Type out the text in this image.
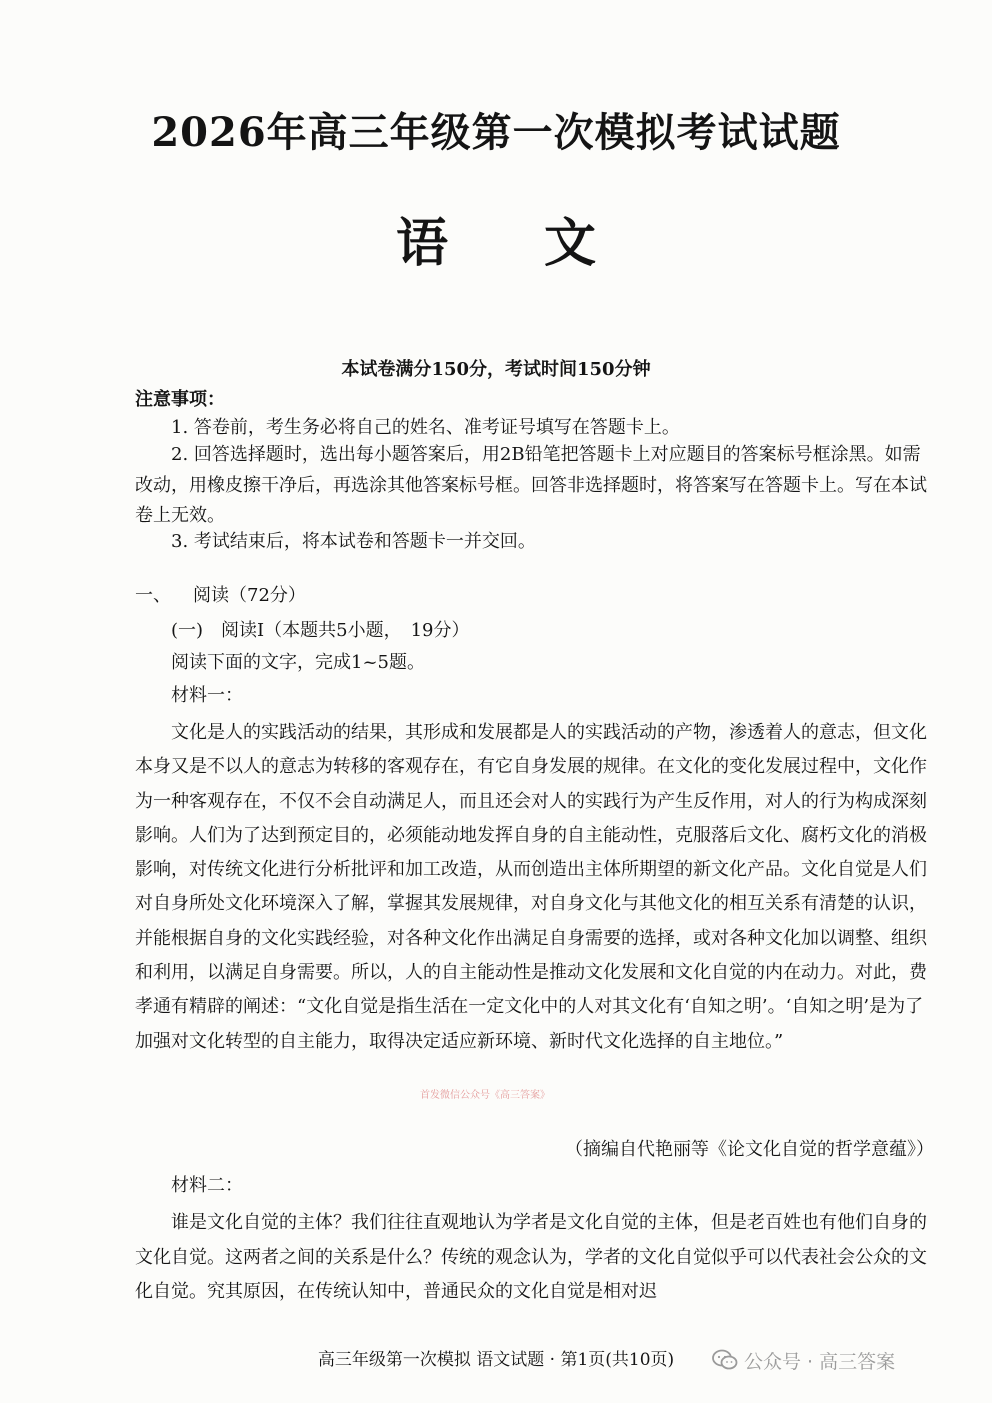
2026年高三年级第一次模拟考试试题
语 文
本试卷满分150分，考试时间150分钟
注意事项：
1. 答卷前，考生务必将自己的姓名、准考证号填写在答题卡上。
2. 回答选择题时，选出每小题答案后，用2B铅笔把答题卡上对应题目的答案标号框涂黑。如需改动，用橡皮擦干净后，再选涂其他答案标号框。回答非选择题时，将答案写在答题卡上。写在本试卷上无效。
3. 考试结束后，将本试卷和答题卡一并交回。
一、 阅读（72分）
(一)　阅读Ⅰ（本题共5小题，　19分）
阅读下面的文字，完成1~5题。
材料一：
文化是人的实践活动的结果，其形成和发展都是人的实践活动的产物，渗透着人的意志，但文化本身又是不以人的意志为转移的客观存在，有它自身发展的规律。在文化的变化发展过程中，文化作为一种客观存在，不仅不会自动满足人，而且还会对人的实践行为产生反作用，对人的行为构成深刻影响。人们为了达到预定目的，必须能动地发挥自身的自主能动性，克服落后文化、腐朽文化的消极影响，对传统文化进行分析批评和加工改造，从而创造出主体所期望的新文化产品。文化自觉是人们对自身所处文化环境深入了解，掌握其发展规律，对自身文化与其他文化的相互关系有清楚的认识，并能根据自身的文化实践经验，对各种文化作出满足自身需要的选择，或对各种文化加以调整、组织和利用，以满足自身需要。所以，人的自主能动性是推动文化发展和文化自觉的内在动力。对此，费孝通有精辟的阐述：“文化自觉是指生活在一定文化中的人对其文化有‘自知之明’。‘自知之明’是为了加强对文化转型的自主能力，取得决定适应新环境、新时代文化选择的自主地位。”
首发微信公众号《高三答案》
（摘编自代艳丽等《论文化自觉的哲学意蕴》）
材料二：
谁是文化自觉的主体？我们往往直观地认为学者是文化自觉的主体，但是老百姓也有他们自身的文化自觉。这两者之间的关系是什么？传统的观念认为，学者的文化自觉似乎可以代表社会公众的文化自觉。究其原因，在传统认知中，普通民众的文化自觉是相对迟
高三年级第一次模拟 语文试题 · 第1页(共10页)	公众号 · 高三答案
